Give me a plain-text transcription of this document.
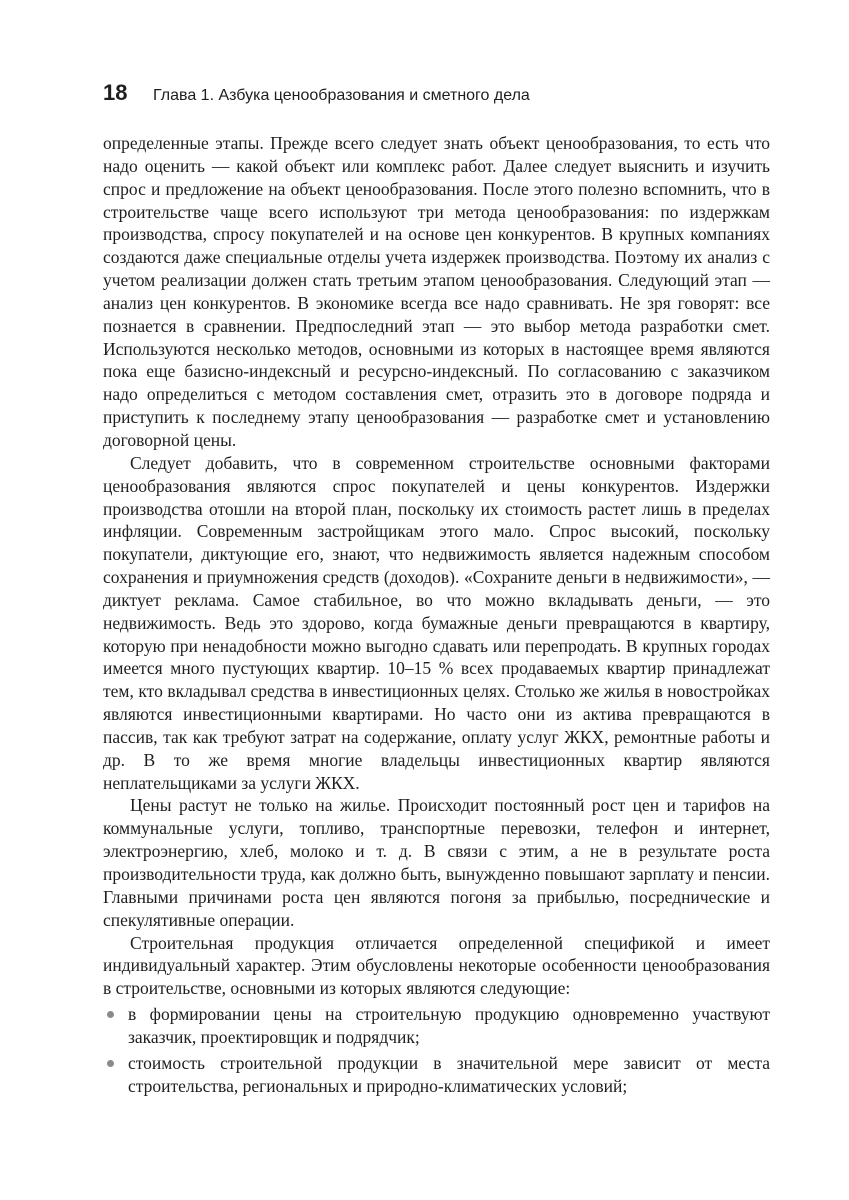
18	Глава 1. Азбука ценообразования и сметного дела

определенные этапы. Прежде всего следует знать объект ценообразования, то есть что надо оценить — какой объект или комплекс работ. Далее следует выяснить и изучить спрос и предложение на объект ценообразования. После этого полезно вспомнить, что в строительстве чаще всего используют три метода ценообразования: по издержкам производства, спросу покупателей и на основе цен конкурентов. В крупных компаниях создаются даже специальные отделы учета издержек производства. Поэтому их анализ с учетом реализации должен стать третьим этапом ценообразования. Следующий этап — анализ цен конкурентов. В экономике всегда все надо сравнивать. Не зря говорят: все познается в сравнении. Предпоследний этап — это выбор метода разработки смет. Используются несколько методов, основными из которых в настоящее время являются пока еще базисно-индексный и ресурсно-индексный. По согласованию с заказчиком надо определиться с методом составления смет, отразить это в договоре подряда и приступить к последнему этапу ценообразования — разработке смет и установлению договорной цены.

Следует добавить, что в современном строительстве основными факторами ценообразования являются спрос покупателей и цены конкурентов. Издержки производства отошли на второй план, поскольку их стоимость растет лишь в пределах инфляции. Современным застройщикам этого мало. Спрос высокий, поскольку покупатели, диктующие его, знают, что недвижимость является надежным способом сохранения и приумножения средств (доходов). «Сохраните деньги в недвижимости», — диктует реклама. Самое стабильное, во что можно вкладывать деньги, — это недвижимость. Ведь это здорово, когда бумажные деньги превращаются в квартиру, которую при ненадобности можно выгодно сдавать или перепродать. В крупных городах имеется много пустующих квартир. 10–15 % всех продаваемых квартир принадлежат тем, кто вкладывал средства в инвестиционных целях. Столько же жилья в новостройках являются инвестиционными квартирами. Но часто они из актива превращаются в пассив, так как требуют затрат на содержание, оплату услуг ЖКХ, ремонтные работы и др. В то же время многие владельцы инвестиционных квартир являются неплательщиками за услуги ЖКХ.

Цены растут не только на жилье. Происходит постоянный рост цен и тарифов на коммунальные услуги, топливо, транспортные перевозки, телефон и интернет, электроэнергию, хлеб, молоко и т. д. В связи с этим, а не в результате роста производительности труда, как должно быть, вынужденно повышают зарплату и пенсии. Главными причинами роста цен являются погоня за прибылью, посреднические и спекулятивные операции.

Строительная продукция отличается определенной спецификой и имеет индивидуальный характер. Этим обусловлены некоторые особенности ценообразования в строительстве, основными из которых являются следующие:

в формировании цены на строительную продукцию одновременно участвуют заказчик, проектировщик и подрядчик;
стоимость строительной продукции в значительной мере зависит от места строительства, региональных и природно-климатических условий;
